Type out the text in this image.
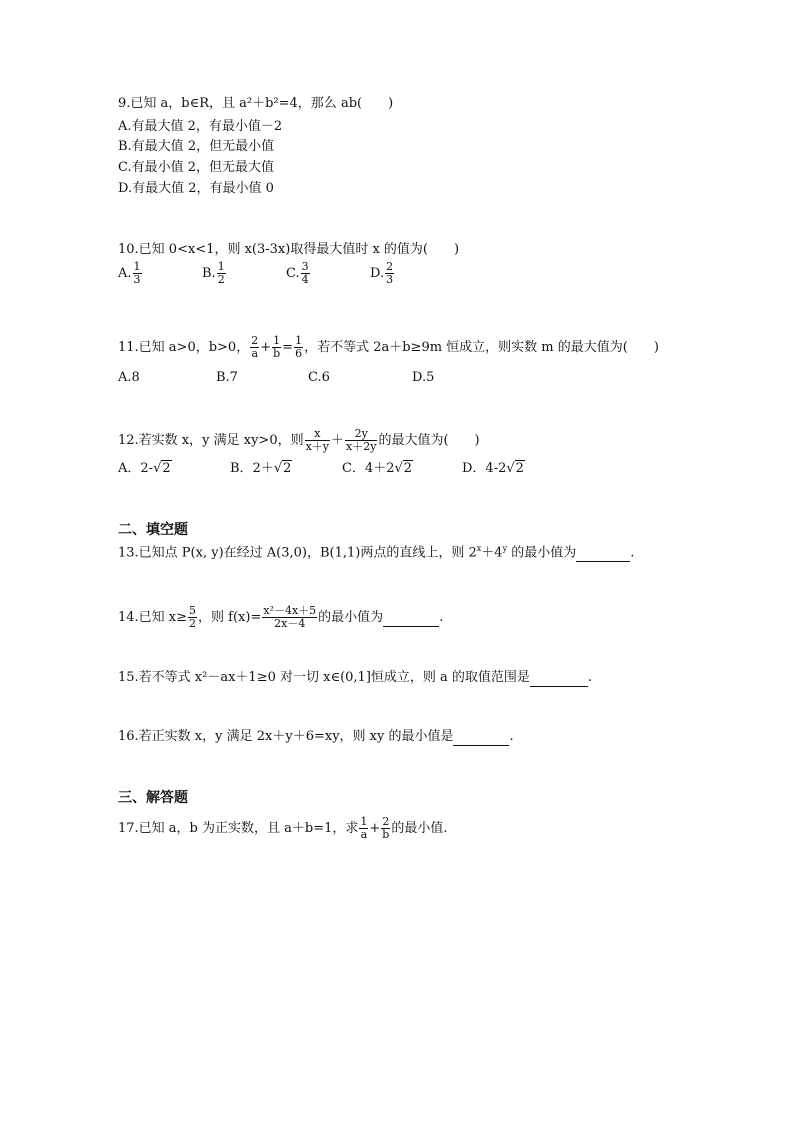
9.已知 a，b∈R，且 a²＋b²=4，那么 ab(　　)
A.有最大值 2，有最小值－2
B.有最大值 2，但无最小值
C.有最小值 2，但无最大值
D.有最大值 2，有最小值 0
10.已知 0<x<1，则 x(3-3x)取得最大值时 x 的值为(　　)
A. $\frac{1}{3}$	B. $\frac{1}{2}$	C. $\frac{3}{4}$	D. $\frac{2}{3}$
11.已知 a>0，b>0， $\frac{2}{a} + \frac{1}{b} = \frac{1}{6}$ ，若不等式 2a＋b≥9m 恒成立，则实数 m 的最大值为(　　)
A.8	B.7	C.6	D.5
12.若实数 x，y 满足 xy>0，则 $\frac{x}{x+y} + \frac{2y}{x+2y}$ 的最大值为(　　)
A．2-√2	B．2＋√2	C．4＋2√2	D．4-2√2
二、填空题
13.已知点 P(x, y)在经过 A(3,0)，B(1,1)两点的直线上，则 $2^x+4^y$ 的最小值为	.
14.已知 $x\ge \frac{5}{2}$ ，则 $f(x)= \frac{\text{x²－4x＋5}}{2x-4}$ 的最小值为	.
15.若不等式 x²－ax＋1≥0 对一切 x∈(0,1]恒成立，则 a 的取值范围是	.
16.若正实数 x，y 满足 2x＋y＋6=xy，则 xy 的最小值是	.
三、解答题
17.已知 a，b 为正实数，且 a＋b=1，求 $\frac{1}{a} + \frac{2}{b}$ 的最小值.
